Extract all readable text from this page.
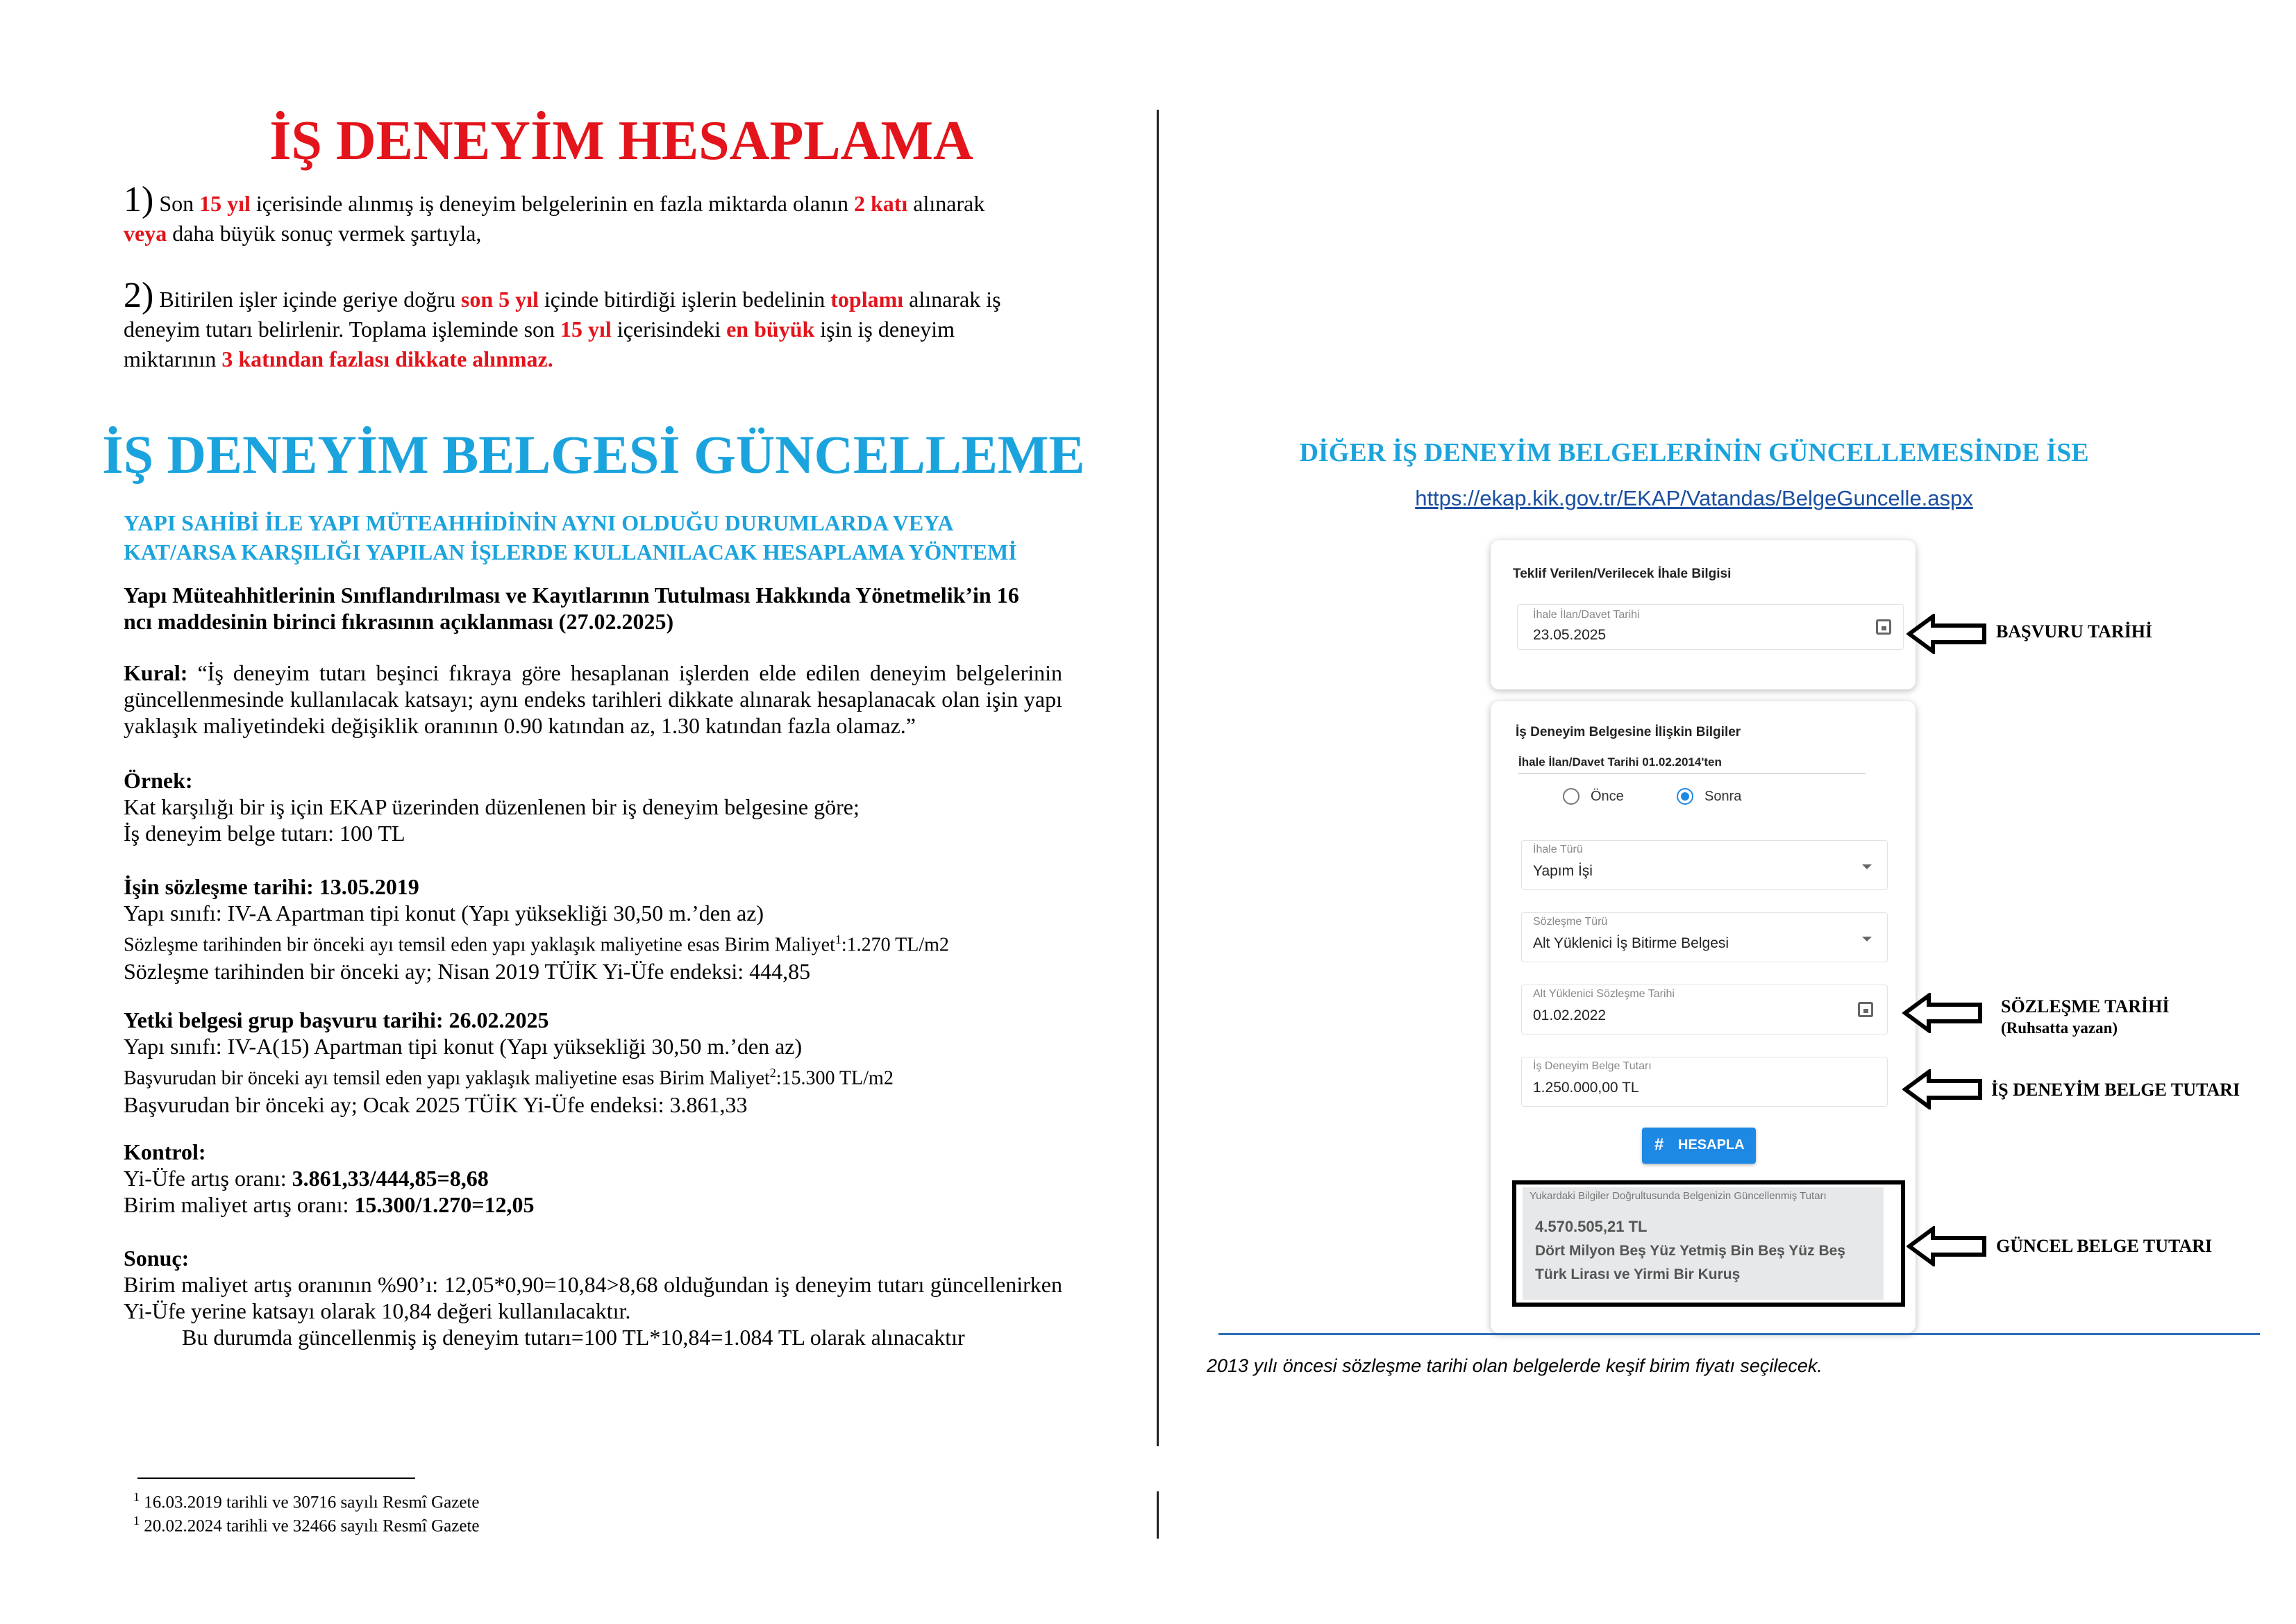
İŞ DENEYİM HESAPLAMA
1) Son 15 yıl içerisinde alınmış iş deneyim belgelerinin en fazla miktarda olanın 2 katı alınarak
veya daha büyük sonuç vermek şartıyla,
2) Bitirilen işler içinde geriye doğru son 5 yıl içinde bitirdiği işlerin bedelinin toplamı alınarak iş
deneyim tutarı belirlenir. Toplama işleminde son 15 yıl içerisindeki en büyük işin iş deneyim
miktarının 3 katından fazlası dikkate alınmaz.
İŞ DENEYİM BELGESİ GÜNCELLEME
YAPI SAHİBİ İLE YAPI MÜTEAHHİDİNİN AYNI OLDUĞU DURUMLARDA VEYA
KAT/ARSA KARŞILIĞI YAPILAN İŞLERDE KULLANILACAK HESAPLAMA YÖNTEMİ
Yapı Müteahhitlerinin Sınıflandırılması ve Kayıtlarının Tutulması Hakkında Yönetmelik’in 16
ncı maddesinin birinci fıkrasının açıklanması (27.02.2025)
Kural: “İş deneyim tutarı beşinci fıkraya göre hesaplanan işlerden elde edilen deneyim belgelerinin güncellenmesinde kullanılacak katsayı; aynı endeks tarihleri dikkate alınarak hesaplanacak olan işin yapı yaklaşık maliyetindeki değişiklik oranının 0.90 katından az, 1.30 katından fazla olamaz.”
Örnek:
Kat karşılığı bir iş için EKAP üzerinden düzenlenen bir iş deneyim belgesine göre;
İş deneyim belge tutarı: 100 TL
İşin sözleşme tarihi: 13.05.2019
Yapı sınıfı: IV-A Apartman tipi konut (Yapı yüksekliği 30,50 m.’den az)
Sözleşme tarihinden bir önceki ayı temsil eden yapı yaklaşık maliyetine esas Birim Maliyet$^1$:1.270 TL/m2
Sözleşme tarihinden bir önceki ay; Nisan 2019 TÜİK Yi-Üfe endeksi: 444,85
Yetki belgesi grup başvuru tarihi: 26.02.2025
Yapı sınıfı: IV-A(15) Apartman tipi konut (Yapı yüksekliği 30,50 m.’den az)
Başvurudan bir önceki ayı temsil eden yapı yaklaşık maliyetine esas Birim Maliyet$^2$:15.300 TL/m2
Başvurudan bir önceki ay; Ocak 2025 TÜİK Yi-Üfe endeksi: 3.861,33
Kontrol:
Yi-Üfe artış oranı: 3.861,33/444,85=8,68
Birim maliyet artış oranı: 15.300/1.270=12,05
Sonuç:
Birim maliyet artış oranının %90’ı: 12,05*0,90=10,84>8,68 olduğundan iş deneyim tutarı güncellenirken Yi-Üfe yerine katsayı olarak 10,84 değeri kullanılacaktır.
Bu durumda güncellenmiş iş deneyim tutarı=100 TL*10,84=1.084 TL olarak alınacaktır
$^1$ 16.03.2019 tarihli ve 30716 sayılı Resmî Gazete
$^1$ 20.02.2024 tarihli ve 32466 sayılı Resmî Gazete
DİĞER İŞ DENEYİM BELGELERİNİN GÜNCELLEMESİNDE İSE
https://ekap.kik.gov.tr/EKAP/Vatandas/BelgeGuncelle.aspx
Teklif Verilen/Verilecek İhale Bilgisi
İhale İlan/Davet Tarihi
23.05.2025
İş Deneyim Belgesine İlişkin Bilgiler
İhale İlan/Davet Tarihi 01.02.2014'ten
Önce	Sonra
İhale Türü
Yapım İşi
Sözleşme Türü
Alt Yüklenici İş Bitirme Belgesi
Alt Yüklenici Sözleşme Tarihi
01.02.2022
İş Deneyim Belge Tutarı
1.250.000,00 TL
# HESAPLA
Yukardaki Bilgiler Doğrultusunda Belgenizin Güncellenmiş Tutarı
4.570.505,21 TL
Dört Milyon Beş Yüz Yetmiş Bin Beş Yüz Beş
Türk Lirası ve Yirmi Bir Kuruş
BAŞVURU TARİHİ
SÖZLEŞME TARİHİ
(Ruhsatta yazan)
İŞ DENEYİM BELGE TUTARI
GÜNCEL BELGE TUTARI
2013 yılı öncesi sözleşme tarihi olan belgelerde keşif birim fiyatı seçilecek.
